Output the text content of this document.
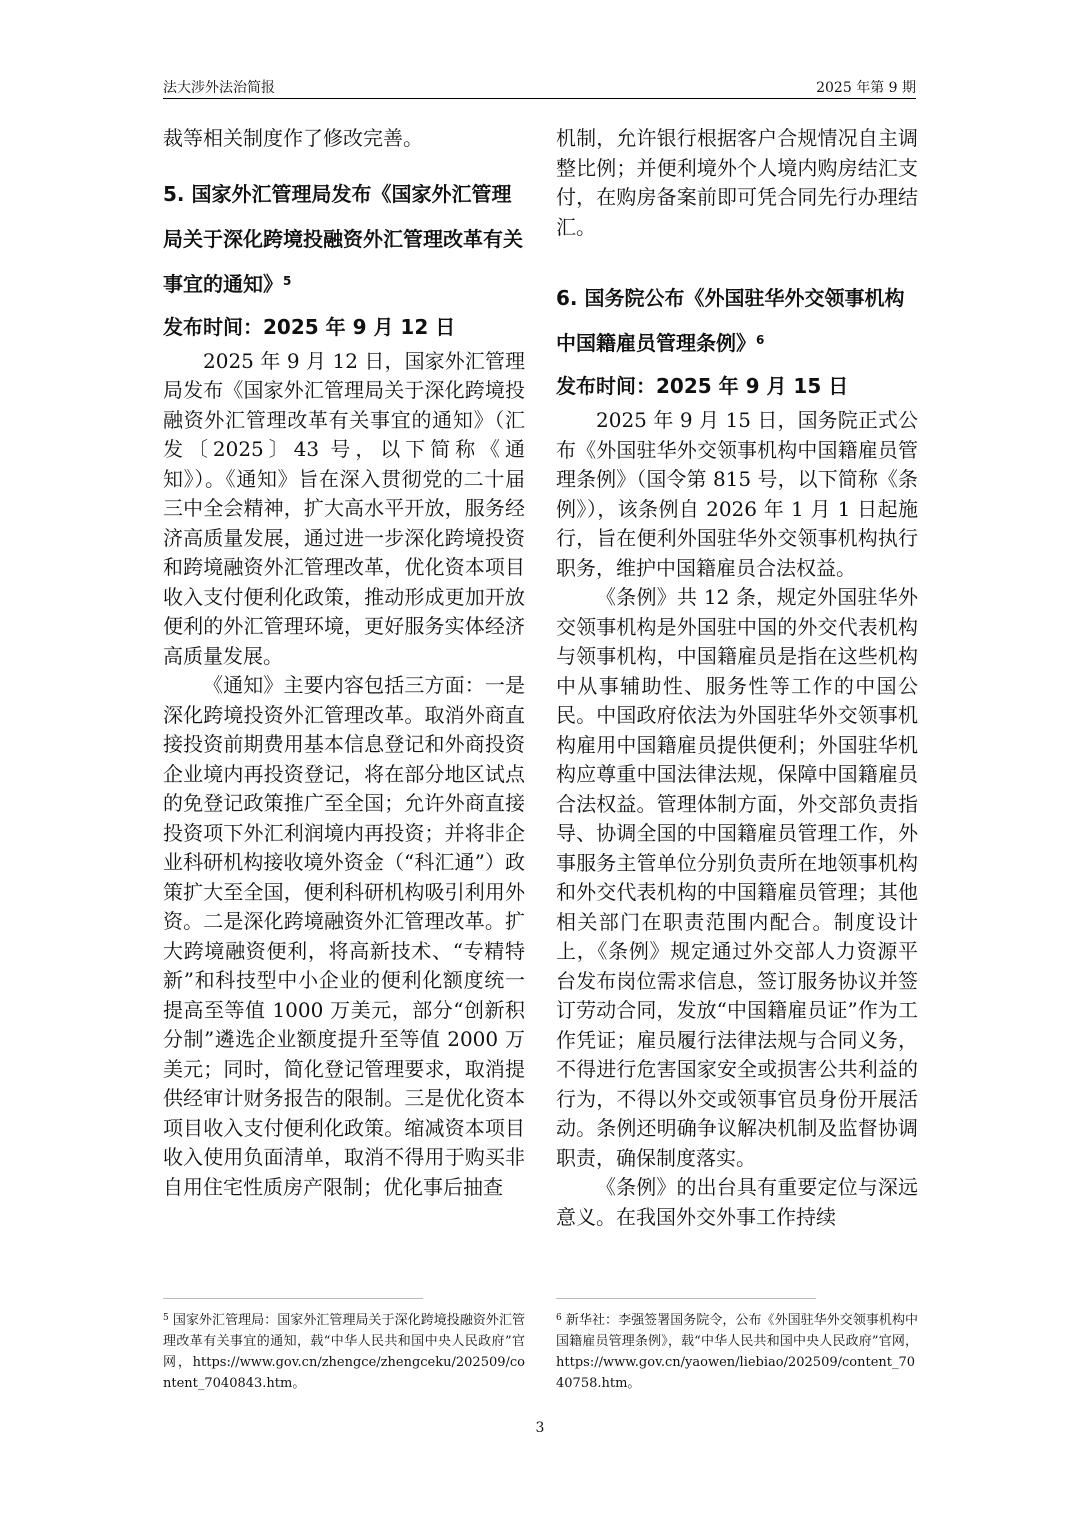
法大涉外法治简报	2025 年第 9 期

裁等相关制度作了修改完善。

5. 国家外汇管理局发布《国家外汇管理局关于深化跨境投融资外汇管理改革有关事宜的通知》$^5$

发布时间：2025 年 9 月 12 日

2025 年 9 月 12 日，国家外汇管理局发布《国家外汇管理局关于深化跨境投融资外汇管理改革有关事宜的通知》（汇发〔2025〕43 号，以下简称《通知》）。《通知》旨在深入贯彻党的二十届三中全会精神，扩大高水平开放，服务经济高质量发展，通过进一步深化跨境投资和跨境融资外汇管理改革，优化资本项目收入支付便利化政策，推动形成更加开放便利的外汇管理环境，更好服务实体经济高质量发展。

《通知》主要内容包括三方面：一是深化跨境投资外汇管理改革。取消外商直接投资前期费用基本信息登记和外商投资企业境内再投资登记，将在部分地区试点的免登记政策推广至全国；允许外商直接投资项下外汇利润境内再投资；并将非企业科研机构接收境外资金（“科汇通”）政策扩大至全国，便利科研机构吸引利用外资。二是深化跨境融资外汇管理改革。扩大跨境融资便利，将高新技术、“专精特新”和科技型中小企业的便利化额度统一提高至等值 1000 万美元，部分“创新积分制”遴选企业额度提升至等值 2000 万美元；同时，简化登记管理要求，取消提供经审计财务报告的限制。三是优化资本项目收入支付便利化政策。缩减资本项目收入使用负面清单，取消不得用于购买非自用住宅性质房产限制；优化事后抽查

机制，允许银行根据客户合规情况自主调整比例；并便利境外个人境内购房结汇支付，在购房备案前即可凭合同先行办理结汇。

6. 国务院公布《外国驻华外交领事机构中国籍雇员管理条例》$^6$

发布时间：2025 年 9 月 15 日

2025 年 9 月 15 日，国务院正式公布《外国驻华外交领事机构中国籍雇员管理条例》（国令第 815 号，以下简称《条例》），该条例自 2026 年 1 月 1 日起施行，旨在便利外国驻华外交领事机构执行职务，维护中国籍雇员合法权益。

《条例》共 12 条，规定外国驻华外交领事机构是外国驻中国的外交代表机构与领事机构，中国籍雇员是指在这些机构中从事辅助性、服务性等工作的中国公民。中国政府依法为外国驻华外交领事机构雇用中国籍雇员提供便利；外国驻华机构应尊重中国法律法规，保障中国籍雇员合法权益。管理体制方面，外交部负责指导、协调全国的中国籍雇员管理工作，外事服务主管单位分别负责所在地领事机构和外交代表机构的中国籍雇员管理；其他相关部门在职责范围内配合。制度设计上，《条例》规定通过外交部人力资源平台发布岗位需求信息，签订服务协议并签订劳动合同，发放“中国籍雇员证”作为工作凭证；雇员履行法律法规与合同义务，不得进行危害国家安全或损害公共利益的行为，不得以外交或领事官员身份开展活动。条例还明确争议解决机制及监督协调职责，确保制度落实。

《条例》的出台具有重要定位与深远意义。在我国外交外事工作持续

$^5$ 国家外汇管理局：国家外汇管理局关于深化跨境投融资外汇管理改革有关事宜的通知，载“中华人民共和国中央人民政府”官网，https://www.gov.cn/zhengce/zhengceku/202509/content_7040843.htm。

$^6$ 新华社：李强签署国务院令，公布《外国驻华外交领事机构中国籍雇员管理条例》，载“中华人民共和国中央人民政府”官网，https://www.gov.cn/yaowen/liebiao/202509/content_7040758.htm。

3
